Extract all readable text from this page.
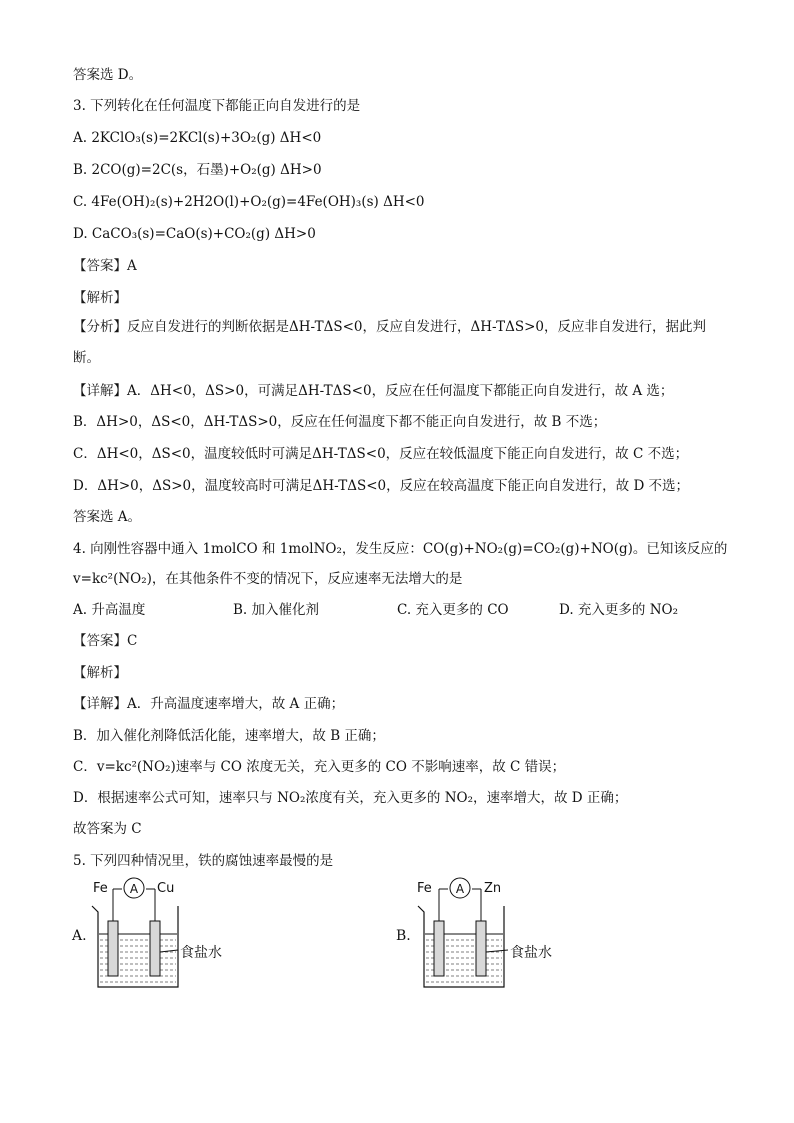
答案选 D。
3. 下列转化在任何温度下都能正向自发进行的是
A. 2KClO₃(s)=2KCl(s)+3O₂(g) ΔH<0
B. 2CO(g)=2C(s，石墨)+O₂(g) ΔH>0
C. 4Fe(OH)₂(s)+2H2O(l)+O₂(g)=4Fe(OH)₃(s) ΔH<0
D. CaCO₃(s)=CaO(s)+CO₂(g) ΔH>0
【答案】A
【解析】
【分析】反应自发进行的判断依据是ΔH-TΔS<0，反应自发进行，ΔH-TΔS>0，反应非自发进行，据此判
断。
【详解】A．ΔH<0，ΔS>0，可满足ΔH-TΔS<0，反应在任何温度下都能正向自发进行，故 A 选；
B．ΔH>0，ΔS<0，ΔH-TΔS>0，反应在任何温度下都不能正向自发进行，故 B 不选；
C．ΔH<0，ΔS<0，温度较低时可满足ΔH-TΔS<0，反应在较低温度下能正向自发进行，故 C 不选；
D．ΔH>0，ΔS>0，温度较高时可满足ΔH-TΔS<0，反应在较高温度下能正向自发进行，故 D 不选；
答案选 A。
4. 向刚性容器中通入 1molCO 和 1molNO₂，发生反应：CO(g)+NO₂(g)=CO₂(g)+NO(g)。已知该反应的
v=kc²(NO₂)，在其他条件不变的情况下，反应速率无法增大的是
A. 升高温度	B. 加入催化剂	C. 充入更多的 CO	D. 充入更多的 NO₂
【答案】C
【解析】
【详解】A．升高温度速率增大，故 A 正确；
B．加入催化剂降低活化能，速率增大，故 B 正确；
C．v=kc²(NO₂)速率与 CO 浓度无关，充入更多的 CO 不影响速率，故 C 错误；
D．根据速率公式可知，速率只与 NO₂浓度有关，充入更多的 NO₂，速率增大，故 D 正确；
故答案为 C
5. 下列四种情况里，铁的腐蚀速率最慢的是
A.
Fe	Cu
食盐水
A
B.
Fe	Zn
食盐水
A
